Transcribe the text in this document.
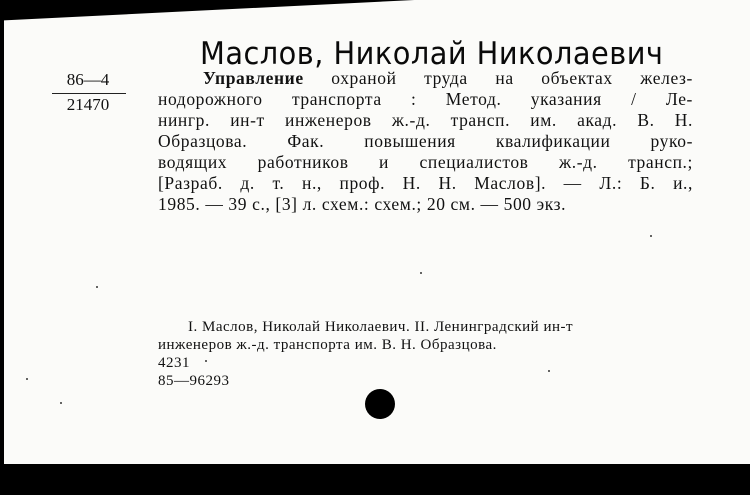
Маслов, Николай Николаевич
86—4
21470
Управление охраной труда на объектах желез-
нодорожного транспорта : Метод. указания / Ле-
нингр. ин-т инженеров ж.-д. трансп. им. акад. В. Н.
Образцова. Фак. повышения квалификации руко-
водящих работников и специалистов ж.-д. трансп.;
[Разраб. д. т. н., проф. Н. Н. Маслов]. — Л.: Б. и.,
1985. — 39 с., [3] л. схем.: схем.; 20 см. — 500 экз.
I. Маслов, Николай Николаевич. II. Ленинградский ин-т
инженеров ж.-д. транспорта им. В. Н. Образцова.
4231
85—96293
